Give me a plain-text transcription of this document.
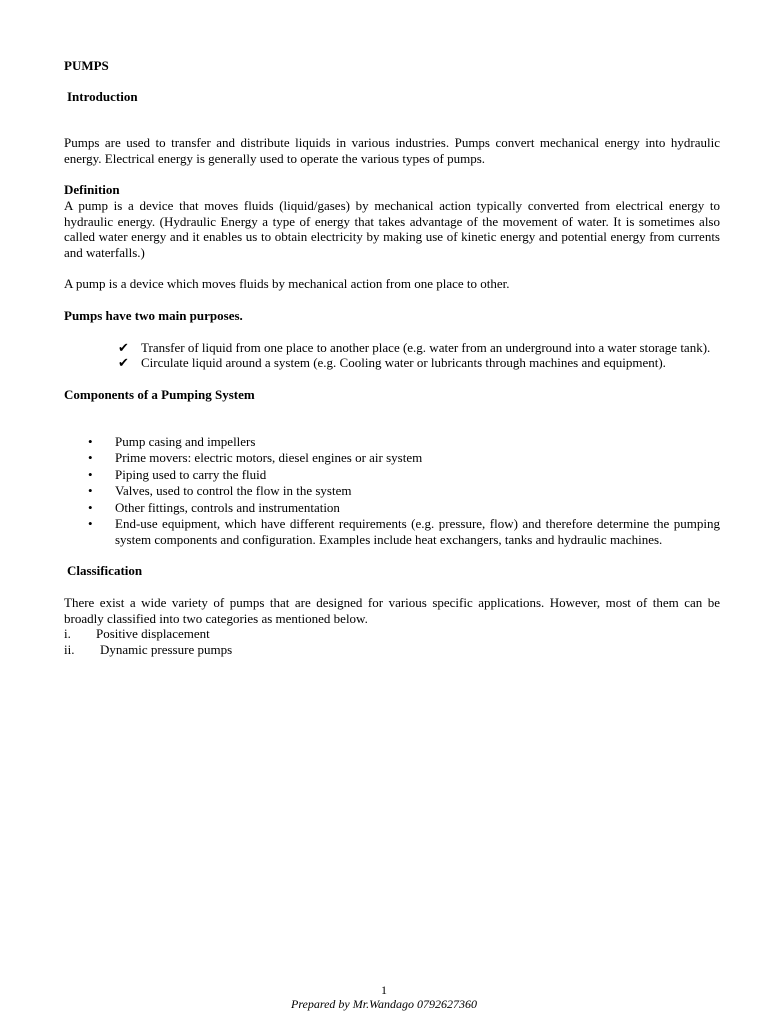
PUMPS
Introduction

Pumps are used to transfer and distribute liquids in various industries. Pumps convert mechanical energy into hydraulic energy. Electrical energy is generally used to operate the various types of pumps.

Definition

A pump is a device that moves fluids (liquid/gases) by mechanical action typically converted from electrical energy to hydraulic energy. (Hydraulic Energy a type of energy that takes advantage of the movement of water. It is sometimes also called water energy and it enables us to obtain electricity by making use of kinetic energy and potential energy from currents and waterfalls.)

A pump is a device which moves fluids by mechanical action from one place to other.

Pumps have two main purposes.
✔ Transfer of liquid from one place to another place (e.g. water from an underground into a water storage tank).
✔ Circulate liquid around a system (e.g. Cooling water or lubricants through machines and equipment).
Components of a Pumping System
• Pump casing and impellers
• Prime movers: electric motors, diesel engines or air system
• Piping used to carry the fluid
• Valves, used to control the flow in the system
• Other fittings, controls and instrumentation
• End-use equipment, which have different requirements (e.g. pressure, flow) and therefore determine the pumping system components and configuration. Examples include heat exchangers, tanks and hydraulic machines.
Classification

There exist a wide variety of pumps that are designed for various specific applications. However, most of them can be broadly classified into two categories as mentioned below.

i. Positive displacement
ii. Dynamic pressure pumps
1
Prepared by Mr.Wandago 0792627360
